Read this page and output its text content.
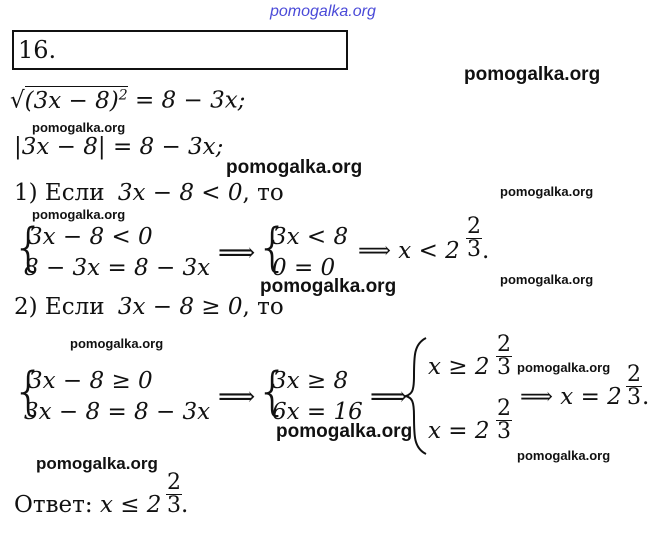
pomogalka.org
16.
$√(3x - 8)^2 = 8 - 3x$;
|3x − 8| = 8 − 3x;
1) Если 3x − 8 < 0, то
{
3x − 8 < 0
8 − 3x = 8 − 3x ⟹ {
3x < 8
0 = 0
⟹ $x < 2 \frac{2}{3}$ .
2) Если 3x − 8 ≥ 0, то
{
3x − 8 ≥ 0
3x − 8 = 8 − 3x ⟹ {
3x ≥ 8
6x = 16 ⟹
$x \ge 2 \frac{2}{3}$
$x = 2 \frac{2}{3}$
⟹ $x = 2 \frac{2}{3}$ .
Ответ: $x \le 2 \frac{2}{3}$ .
pomogalka.org
pomogalka.org
pomogalka.org
pomogalka.org
pomogalka.org
pomogalka.org
pomogalka.org
pomogalka.org
pomogalka.org
pomogalka.org
pomogalka.org
pomogalka.org
